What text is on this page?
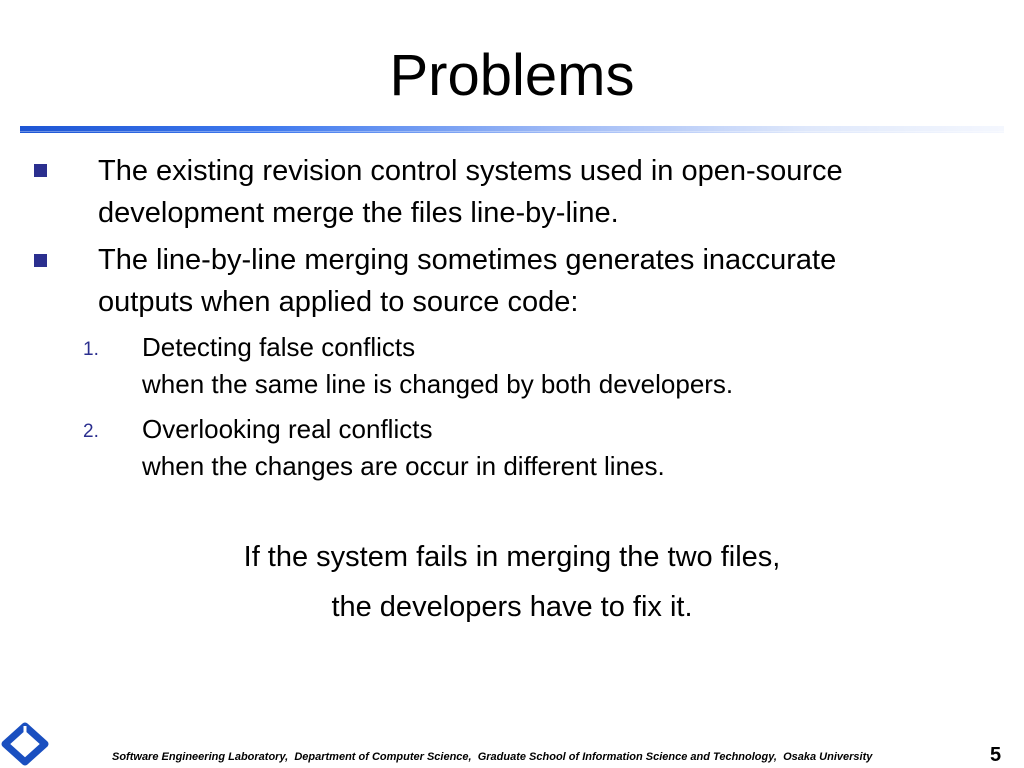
Problems
The existing revision control systems used in open-source
development merge the files line-by-line.
The line-by-line merging sometimes generates inaccurate
outputs when applied to source code:
1. Detecting false conflicts
when the same line is changed by both developers.
2. Overlooking real conflicts
when the changes are occur in different lines.
If the system fails in merging the two files,
the developers have to fix it.
Software Engineering Laboratory,  Department of Computer Science,  Graduate School of Information Science and Technology,  Osaka University	5
